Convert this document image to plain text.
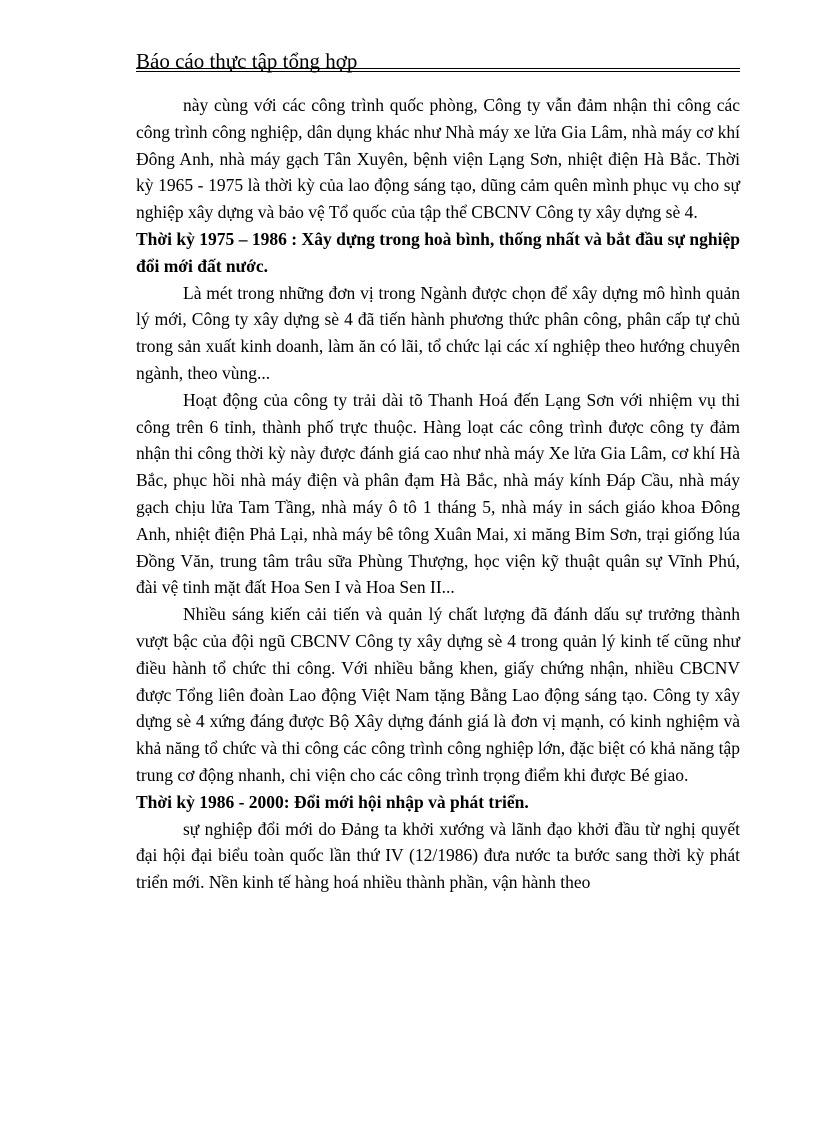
Báo cáo thực tập tổng hợp

này cùng với các công trình quốc phòng, Công ty vẫn đảm nhận thi công các công trình công nghiệp, dân dụng khác như Nhà máy xe lửa Gia Lâm, nhà máy cơ khí Đông Anh, nhà máy gạch Tân Xuyên, bệnh viện Lạng Sơn, nhiệt điện Hà Bắc. Thời kỳ 1965 - 1975 là thời kỳ của lao động sáng tạo, dũng cảm quên mình phục vụ cho sự nghiệp xây dựng và bảo vệ Tổ quốc của tập thể CBCNV Công ty xây dựng sè 4.

Thời kỳ 1975 – 1986 : Xây dựng trong hoà bình, thống nhất và bắt đầu sự nghiệp đổi mới đất nước.

Là mét trong những đơn vị trong Ngành được chọn để xây dựng mô hình quản lý mới, Công ty xây dựng sè 4 đã tiến hành phương thức phân công, phân cấp tự chủ trong sản xuất kinh doanh, làm ăn có lãi, tổ chức lại các xí nghiệp theo hướng chuyên ngành, theo vùng...

Hoạt động của công ty trải dài tõ Thanh Hoá đến Lạng Sơn với nhiệm vụ thi công trên 6 tỉnh, thành phố trực thuộc. Hàng loạt các công trình được công ty đảm nhận thi công thời kỳ này được đánh giá cao như nhà máy Xe lửa Gia Lâm, cơ khí Hà Bắc, phục hồi nhà máy điện và phân đạm Hà Bắc, nhà máy kính Đáp Cầu, nhà máy gạch chịu lửa Tam Tầng, nhà máy ô tô 1 tháng 5, nhà máy in sách giáo khoa Đông Anh, nhiệt điện Phả Lại, nhà máy bê tông Xuân Mai, xi măng Bỉm Sơn, trại giống lúa Đồng Văn, trung tâm trâu sữa Phùng Thượng, học viện kỹ thuật quân sự Vĩnh Phú, đài vệ tinh mặt đất Hoa Sen I và Hoa Sen II...

Nhiều sáng kiến cải tiến và quản lý chất lượng đã đánh dấu sự trưởng thành vượt bậc của đội ngũ CBCNV Công ty xây dựng sè 4 trong quản lý kinh tế cũng như điều hành tổ chức thi công. Với nhiều bằng khen, giấy chứng nhận, nhiều CBCNV được Tổng liên đoàn Lao động Việt Nam tặng Bằng Lao động sáng tạo. Công ty xây dựng sè 4 xứng đáng được Bộ Xây dựng đánh giá là đơn vị mạnh, có kinh nghiệm và khả năng tổ chức và thi công các công trình công nghiệp lớn, đặc biệt có khả năng tập trung cơ động nhanh, chi viện cho các công trình trọng điểm khi được Bé giao.

Thời kỳ 1986 - 2000: Đổi mới hội nhập và phát triển.

sự nghiệp đổi mới do Đảng ta khởi xướng và lãnh đạo khởi đầu từ nghị quyết đại hội đại biểu toàn quốc lần thứ IV (12/1986) đưa nước ta bước sang thời kỳ phát triển mới. Nền kinh tế hàng hoá nhiều thành phần, vận hành theo
